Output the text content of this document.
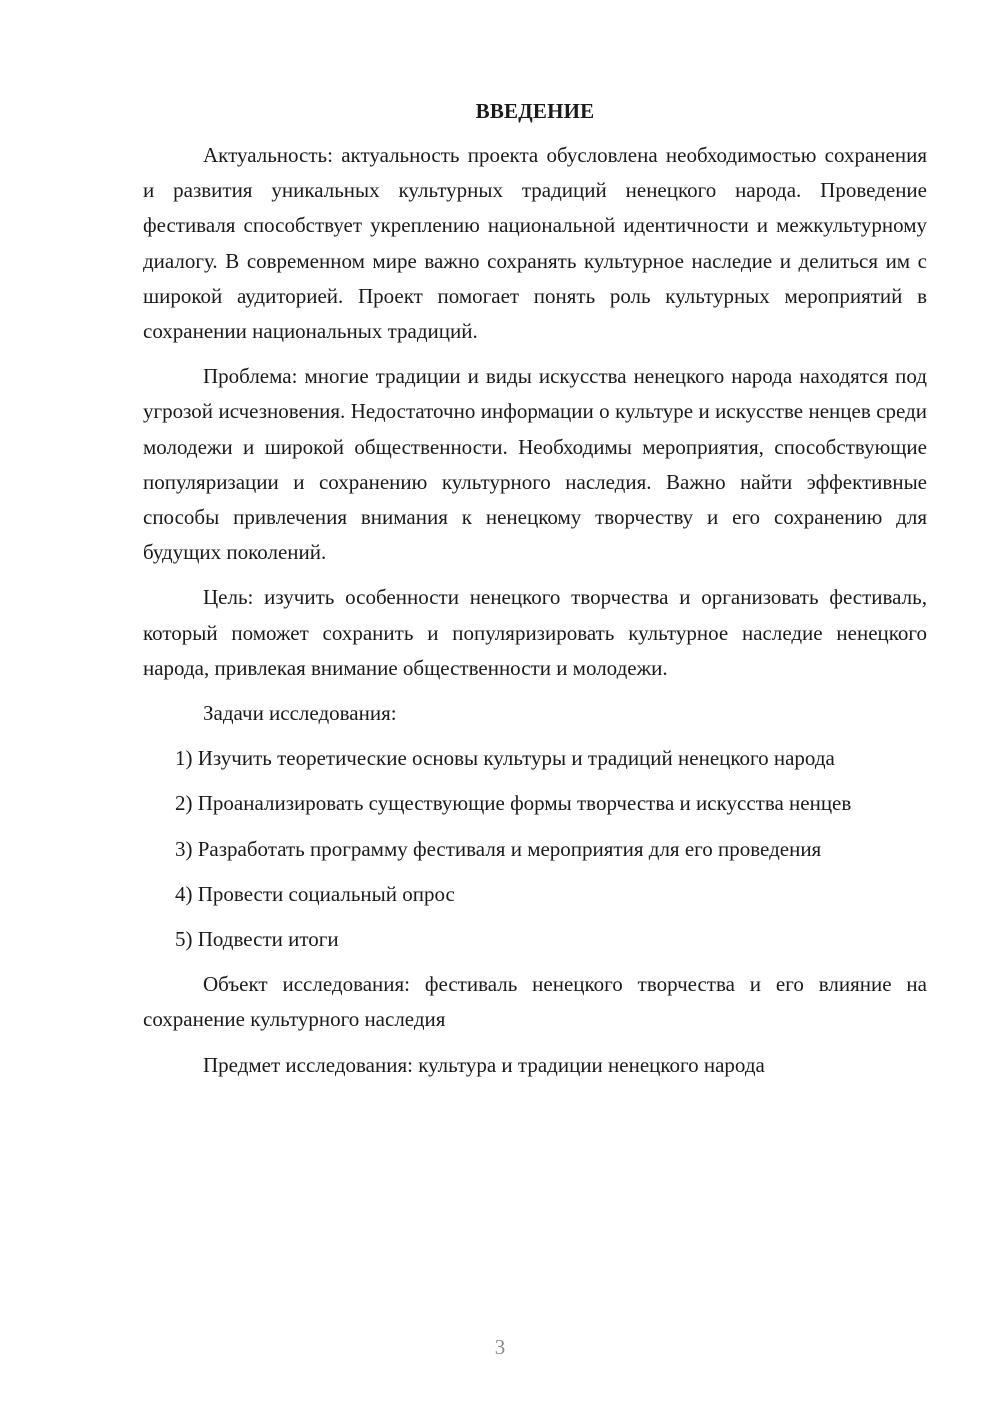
ВВЕДЕНИЕ

Актуальность: актуальность проекта обусловлена необходимостью сохранения и развития уникальных культурных традиций ненецкого народа. Проведение фестиваля способствует укреплению национальной идентичности и межкультурному диалогу. В современном мире важно сохранять культурное наследие и делиться им с широкой аудиторией. Проект помогает понять роль культурных мероприятий в сохранении национальных традиций.

Проблема: многие традиции и виды искусства ненецкого народа находятся под угрозой исчезновения. Недостаточно информации о культуре и искусстве ненцев среди молодежи и широкой общественности. Необходимы мероприятия, способствующие популяризации и сохранению культурного наследия. Важно найти эффективные способы привлечения внимания к ненецкому творчеству и его сохранению для будущих поколений.

Цель: изучить особенности ненецкого творчества и организовать фестиваль, который поможет сохранить и популяризировать культурное наследие ненецкого народа, привлекая внимание общественности и молодежи.

Задачи исследования:

1) Изучить теоретические основы культуры и традиций ненецкого народа

2) Проанализировать существующие формы творчества и искусства ненцев

3) Разработать программу фестиваля и мероприятия для его проведения

4) Провести социальный опрос

5) Подвести итоги

Объект исследования: фестиваль ненецкого творчества и его влияние на сохранение культурного наследия

Предмет исследования: культура и традиции ненецкого народа

3
